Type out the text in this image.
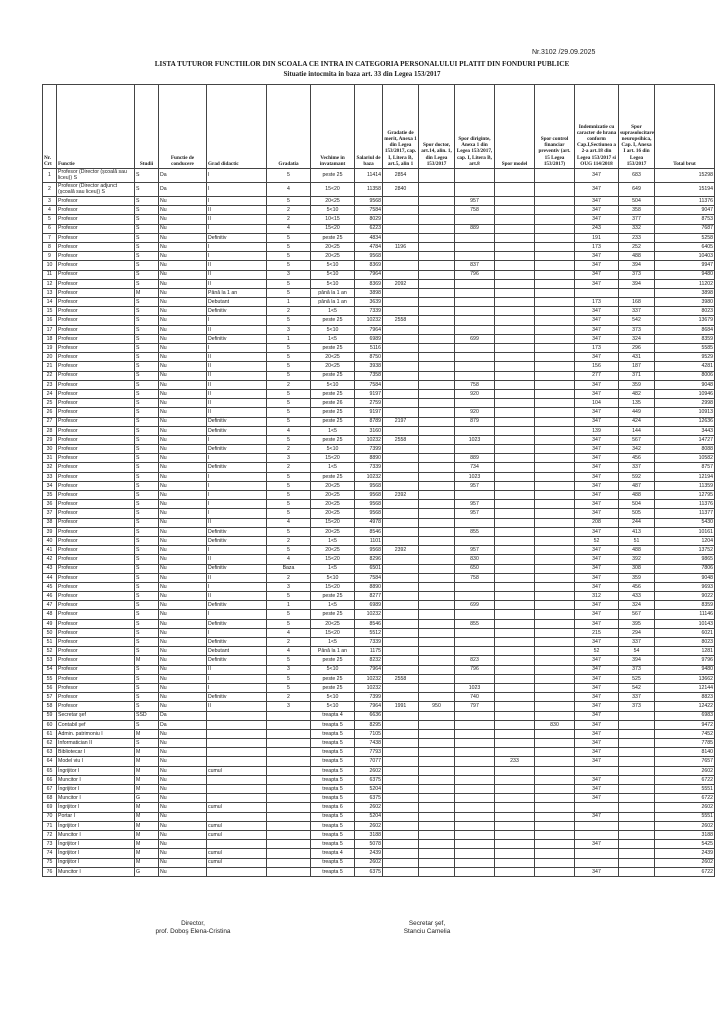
Nr.3102 /29.09.2025
LISTA TUTUROR FUNCTIILOR DIN SCOALA CE INTRA IN CATEGORIA PERSONALULUI PLATIT DIN FONDURI PUBLICE
Situatie intocmita in baza art. 33 din Legea 153/2017
Nr. Crt	Functie	Studii	Functie de conducere	Grad didactic	Gradatia	Vechime in invatamant	Salariul de baza	Gradatie de merit, Anexa 1 din Legea 153/2017, cap. I, Litera B, art.5, alin 1	Spor doctor, art.14, alin. 1, din Legea 153/2017	Spor diriginte, Anexa 1 din Legea 153/2017, cap. I, Litera B, art.8	Spor model	Spor control financiar preventiv (art. 15 Legea 153/2017)	Indemnizatie cu caracter de hrana conform Cap.I,Sectiunea a 2-a art.18 din Legea 153/2017 si OUG 114/2018	Spor suprasolocitare neuropsihica, Cap. I, Anexa I art. 16 din Legea 153/2017	Total brut
1	Profesor (Director (școală sau liceu)) S	S	Da	I	5	peste 25	11414	2854					347	683	15298
2	Profesor (Director adjunct (școală sau liceu)) S	S	Da	I	4	15<20	11358	2840					347	649	15194
3	Profesor	S	Nu	I	5	20<25	9568			957			347	504	11376
4	Profesor	S	Nu	II	2	5<10	7584			758			347	358	9047
5	Profesor	S	Nu	II	2	10<15	8029						347	377	8753
6	Profesor	S	Nu	I	4	15<20	6223			889			243	332	7687
7	Profesor	S	Nu	Definitiv	5	peste 25	4834						191	233	5258
8	Profesor	S	Nu	I	5	20<25	4784	1196					173	252	6405
9	Profesor	S	Nu	I	5	20<25	9568						347	488	10403
10	Profesor	S	Nu	II	5	5<10	8369			837			347	394	9947
11	Profesor	S	Nu	II	3	5<10	7964			796			347	373	9480
12	Profesor	S	Nu	II	5	5<10	8369	2092					347	394	11202
13	Profesor	M	Nu	Până la 1 an	5	până la 1 an	3898								3898
14	Profesor	S	Nu	Debutant	1	până la 1 an	3639						173	168	3980
15	Profesor	S	Nu	Definitiv	2	1<5	7339						347	337	8023
16	Profesor	S	Nu	I	5	peste 25	10232	2558					347	542	13679
17	Profesor	S	Nu	II	3	5<10	7964						347	373	8684
18	Profesor	S	Nu	Definitiv	1	1<5	6989			699			347	324	8359
19	Profesor	S	Nu	I	5	peste 25	5116						173	296	5585
20	Profesor	S	Nu	II	5	20<25	8750						347	431	9529
21	Profesor	S	Nu	II	5	20<25	3938						156	187	4281
22	Profesor	S	Nu	II	5	peste 25	7358						277	371	8006
23	Profesor	S	Nu	II	2	5<10	7584			758			347	359	9048
24	Profesor	S	Nu	II	5	peste 25	9197			920			347	482	10946
25	Profesor	S	Nu	II	5	peste 26	2759						104	135	2998
26	Profesor	S	Nu	II	5	peste 25	9197			920			347	449	10913
27	Profesor	S	Nu	Definitiv	5	peste 25	8789	2197		879			347	424	12636
28	Profesor	S	Nu	Definitiv	4	1<5	3160						139	144	3443
29	Profesor	S	Nu	I	5	peste 25	10232	2558		1023			347	567	14727
30	Profesor	S	Nu	Definitiv	2	5<10	7399						347	342	8088
31	Profesor	S	Nu	I	3	15<20	8890			889			347	456	10582
32	Profesor	S	Nu	Definitiv	2	1<5	7339			734			347	337	8757
33	Profesor	S	Nu	I	5	peste 25	10232			1023			347	592	12194
34	Profesor	S	Nu	I	5	20<25	9568			957			347	487	11359
35	Profesor	S	Nu	I	5	20<25	9568	2392					347	488	12795
36	Profesor	S	Nu	I	5	20<25	9568			957			347	504	11376
37	Profesor	S	Nu	I	5	20<25	9568			957			347	505	11377
38	Profesor	S	Nu	II	4	15<20	4978						208	244	5430
39	Profesor	S	Nu	Definitiv	5	20<25	8546			855			347	413	10161
40	Profesor	S	Nu	Definitiv	2	1<5	1101						52	51	1204
41	Profesor	S	Nu	I	5	20<25	9568	2392		957			347	488	13752
42	Profesor	S	Nu	II	4	15<20	8296			830			347	392	9865
43	Profesor	S	Nu	Definitiv	Baza	1<5	6501			650			347	308	7806
44	Profesor	S	Nu	II	2	5<10	7584			758			347	359	9048
45	Profesor	S	Nu	I	3	15<20	8890						347	456	9693
46	Profesor	S	Nu	II	5	peste 25	8277						312	433	9022
47	Profesor	S	Nu	Definitiv	1	1<5	6989			699			347	324	8359
48	Profesor	S	Nu	I	5	peste 25	10232						347	567	11146
49	Profesor	S	Nu	Definitiv	5	20<25	8546			855			347	395	10143
50	Profesor	S	Nu	I	4	15<20	5512						215	294	6021
51	Profesor	S	Nu	Definitiv	2	1<5	7339						347	337	8023
52	Profesor	S	Nu	Debutant	4	Până la 1 an	1175						52	54	1281
53	Profesor	M	Nu	Definitiv	5	peste 25	8232			823			347	394	9796
54	Profesor	S	Nu	II	3	5<10	7964			796			347	373	9480
55	Profesor	S	Nu	I	5	peste 25	10232	2558					347	525	13662
56	Profesor	S	Nu	I	5	peste 25	10232			1023			347	542	12144
57	Profesor	S	Nu	Definitiv	2	5<10	7399			740			347	337	8823
58	Profesor	S	Nu	II	3	5<10	7964	1991	950	797			347	373	12422
59	Secretar şef	SSD	Da			treapta 4	6636						347		6983
60	Contabil şef	S	Da			treapta 5	8295					830	347		9472
61	Admin. patrimoniu I	M	Nu			treapta 5	7105						347		7452
62	Informatician II	S	Nu			treapta 5	7438						347		7785
63	Bibliotecar I	M	Nu			treapta 5	7793						347		8140
64	Model viu I	M	Nu			treapta 5	7077				233		347		7657
65	Îngrijitor I	M	Nu	cumul		treapta 5	2602								2602
66	Muncitor I	M	Nu			treapta 5	6375						347		6722
67	Îngrijitor I	M	Nu			treapta 5	5204						347		5551
68	Muncitor I	G	Nu			treapta 5	6375						347		6722
69	Îngrijitor I	M	Nu	cumul		treapta 6	2602								2602
70	Portar I	M	Nu			treapta 5	5204						347		5551
71	Îngrijitor I	M	Nu	cumul		treapta 5	2602								2602
72	Muncitor I	M	Nu	cumul		treapta 5	3188								3188
73	Îngrijitor I	M	Nu			treapta 5	5078						347		5425
74	Îngrijitor I	M	Nu	cumul		treapta 4	2439								2439
75	Îngrijitor I	M	Nu	cumul		treapta 5	2602								2602
76	Muncitor I	G	Nu			treapta 5	6375						347		6722
Director,
prof. Doboş Elena-Cristina
Secretar şef,
Stanciu Camelia
